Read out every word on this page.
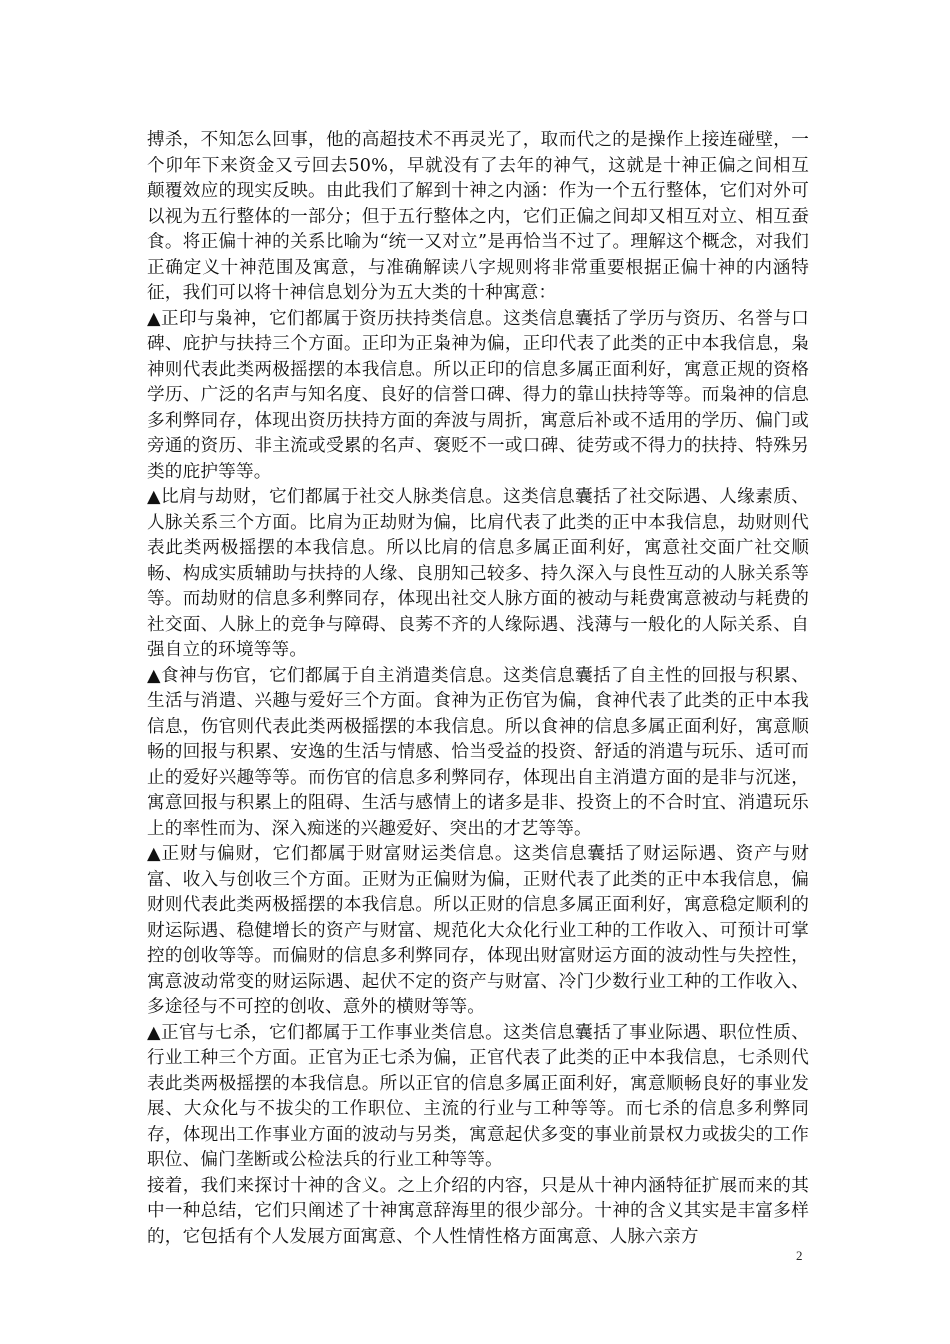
搏杀，不知怎么回事，他的高超技术不再灵光了，取而代之的是操作上接连碰壁，一个卯年下来资金又亏回去50%，早就没有了去年的神气，这就是十神正偏之间相互颠覆效应的现实反映。由此我们了解到十神之内涵：作为一个五行整体，它们对外可以视为五行整体的一部分；但于五行整体之内，它们正偏之间却又相互对立、相互蚕食。将正偏十神的关系比喻为“统一又对立”是再恰当不过了。理解这个概念，对我们正确定义十神范围及寓意，与准确解读八字规则将非常重要根据正偏十神的内涵特征，我们可以将十神信息划分为五大类的十种寓意：

▲正印与枭神，它们都属于资历扶持类信息。这类信息囊括了学历与资历、名誉与口碑、庇护与扶持三个方面。正印为正枭神为偏，正印代表了此类的正中本我信息，枭神则代表此类两极摇摆的本我信息。所以正印的信息多属正面利好，寓意正规的资格学历、广泛的名声与知名度、良好的信誉口碑、得力的靠山扶持等等。而枭神的信息多利弊同存，体现出资历扶持方面的奔波与周折，寓意后补或不适用的学历、偏门或旁通的资历、非主流或受累的名声、褒贬不一或口碑、徒劳或不得力的扶持、特殊另类的庇护等等。

▲比肩与劫财，它们都属于社交人脉类信息。这类信息囊括了社交际遇、人缘素质、人脉关系三个方面。比肩为正劫财为偏，比肩代表了此类的正中本我信息，劫财则代表此类两极摇摆的本我信息。所以比肩的信息多属正面利好，寓意社交面广社交顺畅、构成实质辅助与扶持的人缘、良朋知己较多、持久深入与良性互动的人脉关系等等。而劫财的信息多利弊同存，体现出社交人脉方面的被动与耗费寓意被动与耗费的社交面、人脉上的竞争与障碍、良莠不齐的人缘际遇、浅薄与一般化的人际关系、自强自立的环境等等。

▲食神与伤官，它们都属于自主消遣类信息。这类信息囊括了自主性的回报与积累、生活与消遣、兴趣与爱好三个方面。食神为正伤官为偏，食神代表了此类的正中本我信息，伤官则代表此类两极摇摆的本我信息。所以食神的信息多属正面利好，寓意顺畅的回报与积累、安逸的生活与情感、恰当受益的投资、舒适的消遣与玩乐、适可而止的爱好兴趣等等。而伤官的信息多利弊同存，体现出自主消遣方面的是非与沉迷，寓意回报与积累上的阻碍、生活与感情上的诸多是非、投资上的不合时宜、消遣玩乐上的率性而为、深入痴迷的兴趣爱好、突出的才艺等等。

▲正财与偏财，它们都属于财富财运类信息。这类信息囊括了财运际遇、资产与财富、收入与创收三个方面。正财为正偏财为偏，正财代表了此类的正中本我信息，偏财则代表此类两极摇摆的本我信息。所以正财的信息多属正面利好，寓意稳定顺利的财运际遇、稳健增长的资产与财富、规范化大众化行业工种的工作收入、可预计可掌控的创收等等。而偏财的信息多利弊同存，体现出财富财运方面的波动性与失控性，寓意波动常变的财运际遇、起伏不定的资产与财富、冷门少数行业工种的工作收入、多途径与不可控的创收、意外的横财等等。

▲正官与七杀，它们都属于工作事业类信息。这类信息囊括了事业际遇、职位性质、行业工种三个方面。正官为正七杀为偏，正官代表了此类的正中本我信息，七杀则代表此类两极摇摆的本我信息。所以正官的信息多属正面利好，寓意顺畅良好的事业发展、大众化与不拔尖的工作职位、主流的行业与工种等等。而七杀的信息多利弊同存，体现出工作事业方面的波动与另类，寓意起伏多变的事业前景权力或拔尖的工作职位、偏门垄断或公检法兵的行业工种等等。

接着，我们来探讨十神的含义。之上介绍的内容，只是从十神内涵特征扩展而来的其中一种总结，它们只阐述了十神寓意辞海里的很少部分。十神的含义其实是丰富多样的，它包括有个人发展方面寓意、个人性情性格方面寓意、人脉六亲方

2
